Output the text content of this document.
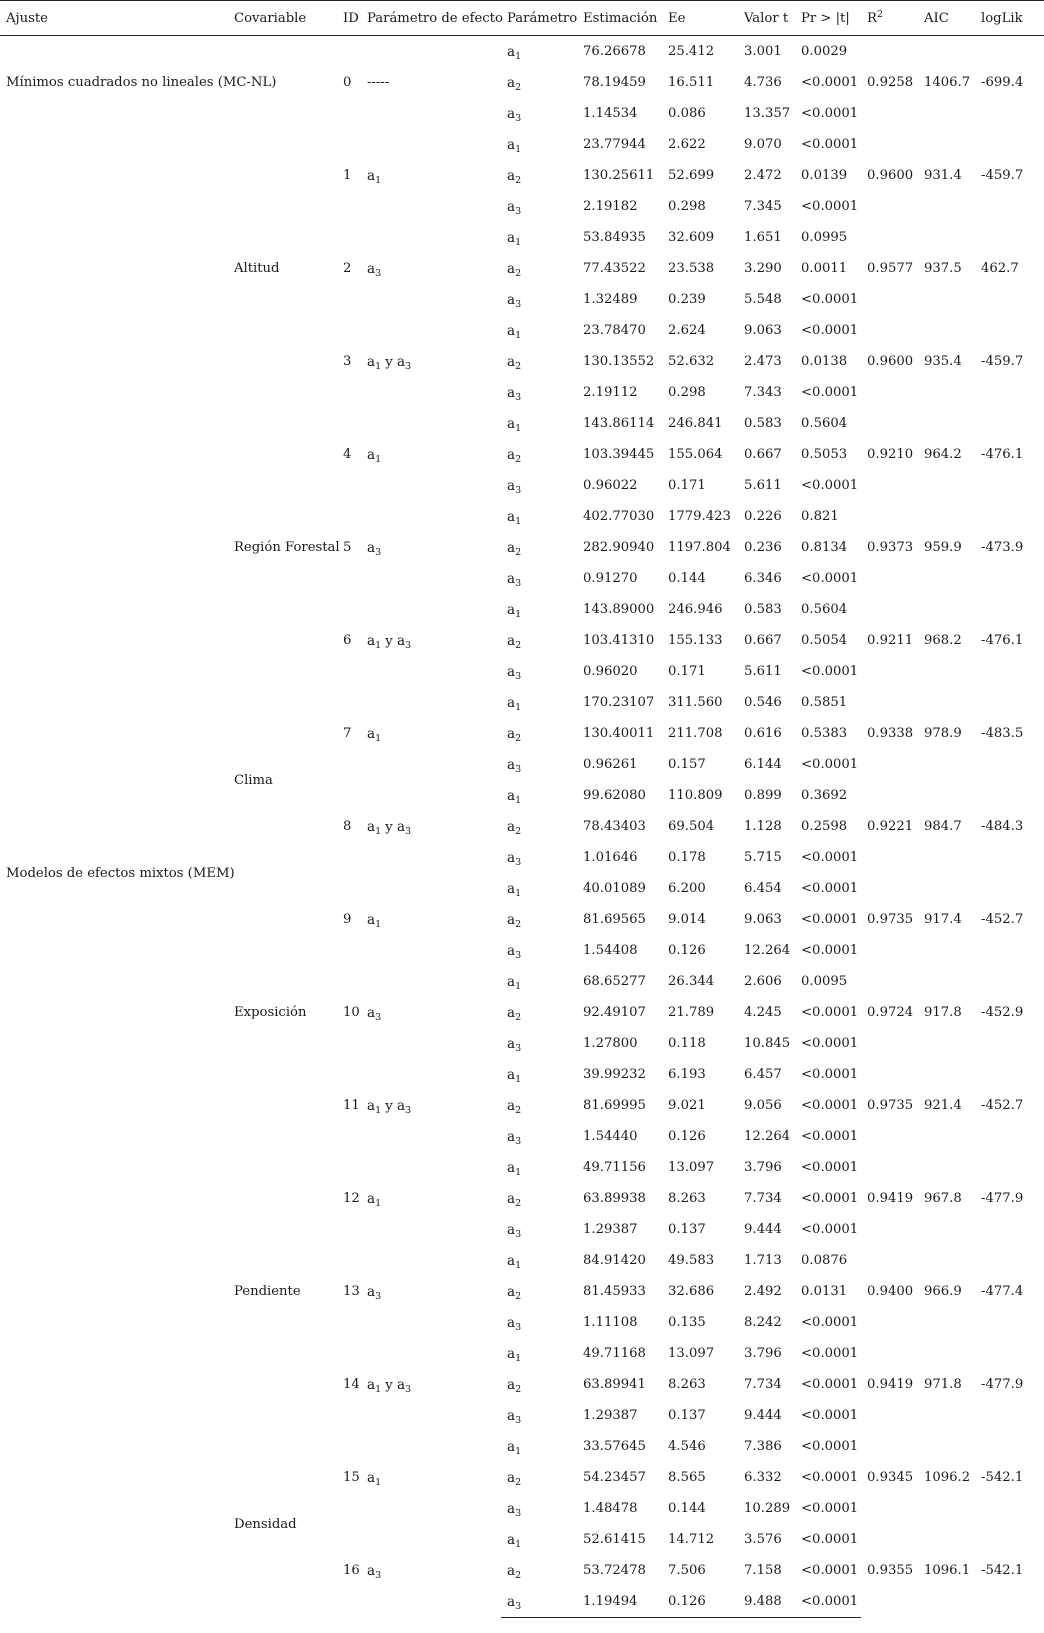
Ajuste	Covariable	ID	Parámetro de efecto	Parámetro	Estimación	Ee	Valor t	Pr > |t|	$R^2$	AIC	logLik
Mínimos cuadrados no lineales (MC-NL)		0	-----	$a_1$	76.26678	25.412	3.001	0.0029	0.9258	1406.7	-699.4
				$a_2$	78.19459	16.511	4.736	<0.0001			
				$a_3$	1.14534	0.086	13.357	<0.0001			
Modelos de efectos mixtos (MEM)		1	$a_1$	$a_1$	23.77944	2.622	9.070	<0.0001	0.9600	931.4	-459.7
				$a_2$	130.25611	52.699	2.472	0.0139			
				$a_3$	2.19182	0.298	7.345	<0.0001			
	Altitud	2	$a_3$	$a_1$	53.84935	32.609	1.651	0.0995	0.9577	937.5	462.7
				$a_2$	77.43522	23.538	3.290	0.0011			
				$a_3$	1.32489	0.239	5.548	<0.0001			
		3	$a_1$ y $a_3$	$a_1$	23.78470	2.624	9.063	<0.0001	0.9600	935.4	-459.7
				$a_2$	130.13552	52.632	2.473	0.0138			
				$a_3$	2.19112	0.298	7.343	<0.0001			
		4	$a_1$	$a_1$	143.86114	246.841	0.583	0.5604	0.9210	964.2	-476.1
				$a_2$	103.39445	155.064	0.667	0.5053			
				$a_3$	0.96022	0.171	5.611	<0.0001			
	Región Forestal	5	$a_3$	$a_1$	402.77030	1779.423	0.226	0.821	0.9373	959.9	-473.9
				$a_2$	282.90940	1197.804	0.236	0.8134			
				$a_3$	0.91270	0.144	6.346	<0.0001			
		6	$a_1$ y $a_3$	$a_1$	143.89000	246.946	0.583	0.5604	0.9211	968.2	-476.1
				$a_2$	103.41310	155.133	0.667	0.5054			
				$a_3$	0.96020	0.171	5.611	<0.0001			
	Clima	7	$a_1$	$a_1$	170.23107	311.560	0.546	0.5851	0.9338	978.9	-483.5
				$a_2$	130.40011	211.708	0.616	0.5383			
				$a_3$	0.96261	0.157	6.144	<0.0001			
		8	$a_1$ y $a_3$	$a_1$	99.62080	110.809	0.899	0.3692	0.9221	984.7	-484.3
				$a_2$	78.43403	69.504	1.128	0.2598			
				$a_3$	1.01646	0.178	5.715	<0.0001			
		9	$a_1$	$a_1$	40.01089	6.200	6.454	<0.0001	0.9735	917.4	-452.7
				$a_2$	81.69565	9.014	9.063	<0.0001			
				$a_3$	1.54408	0.126	12.264	<0.0001			
	Exposición	10	$a_3$	$a_1$	68.65277	26.344	2.606	0.0095	0.9724	917.8	-452.9
				$a_2$	92.49107	21.789	4.245	<0.0001			
				$a_3$	1.27800	0.118	10.845	<0.0001			
		11	$a_1$ y $a_3$	$a_1$	39.99232	6.193	6.457	<0.0001	0.9735	921.4	-452.7
				$a_2$	81.69995	9.021	9.056	<0.0001			
				$a_3$	1.54440	0.126	12.264	<0.0001			
		12	$a_1$	$a_1$	49.71156	13.097	3.796	<0.0001	0.9419	967.8	-477.9
				$a_2$	63.89938	8.263	7.734	<0.0001			
				$a_3$	1.29387	0.137	9.444	<0.0001			
	Pendiente	13	$a_3$	$a_1$	84.91420	49.583	1.713	0.0876	0.9400	966.9	-477.4
				$a_2$	81.45933	32.686	2.492	0.0131			
				$a_3$	1.11108	0.135	8.242	<0.0001			
		14	$a_1$ y $a_3$	$a_1$	49.71168	13.097	3.796	<0.0001	0.9419	971.8	-477.9
				$a_2$	63.89941	8.263	7.734	<0.0001			
				$a_3$	1.29387	0.137	9.444	<0.0001			
	Densidad	15	$a_1$	$a_1$	33.57645	4.546	7.386	<0.0001	0.9345	1096.2	-542.1
				$a_2$	54.23457	8.565	6.332	<0.0001			
				$a_3$	1.48478	0.144	10.289	<0.0001			
		16	$a_3$	$a_1$	52.61415	14.712	3.576	<0.0001	0.9355	1096.1	-542.1
				$a_2$	53.72478	7.506	7.158	<0.0001			
				$a_3$	1.19494	0.126	9.488	<0.0001			
